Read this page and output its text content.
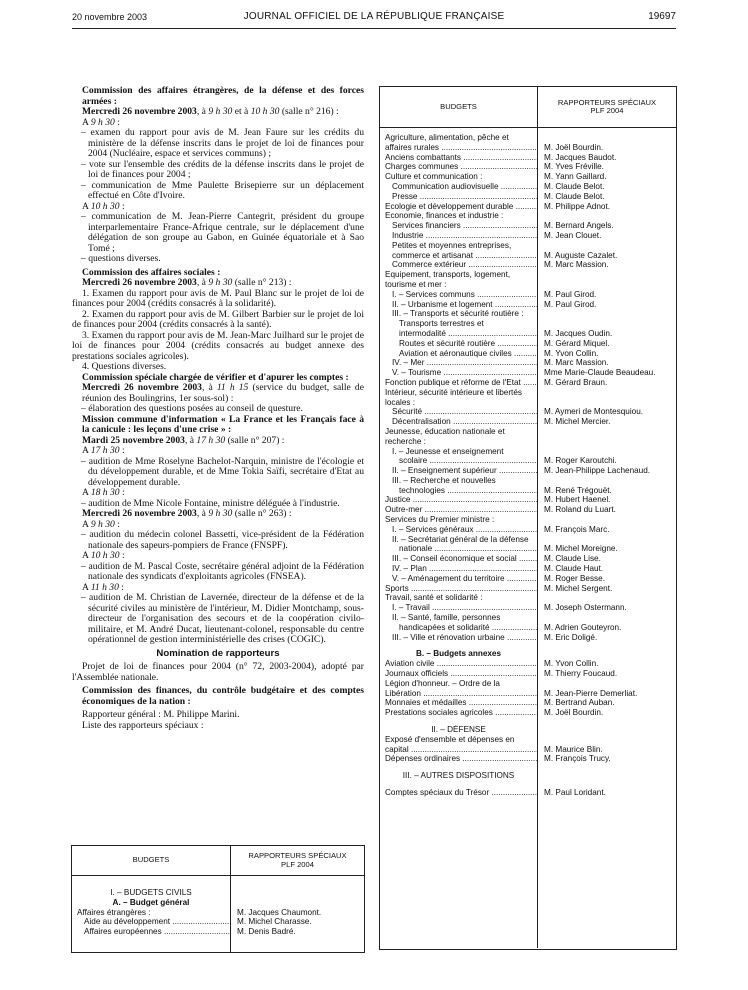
20 novembre 2003	JOURNAL OFFICIEL DE LA RÉPUBLIQUE FRANÇAISE	19697

Commission des affaires étrangères, de la défense et des forces armées :

Mercredi 26 novembre 2003, à 9 h 30 et à 10 h 30 (salle n° 216) :

A 9 h 30 :

– examen du rapport pour avis de M. Jean Faure sur les crédits du ministère de la défense inscrits dans le projet de loi de finances pour 2004 (Nucléaire, espace et services communs) ;

– vote sur l'ensemble des crédits de la défense inscrits dans le projet de loi de finances pour 2004 ;

– communication de Mme Paulette Brisepierre sur un déplacement effectué en Côte d'Ivoire.

A 10 h 30 :

– communication de M. Jean-Pierre Cantegrit, président du groupe interparlementaire France-Afrique centrale, sur le déplacement d'une délégation de son groupe au Gabon, en Guinée équatoriale et à Sao Tomé ;

– questions diverses.

Commission des affaires sociales :

Mercredi 26 novembre 2003, à 9 h 30 (salle n° 213) :

1. Examen du rapport pour avis de M. Paul Blanc sur le projet de loi de finances pour 2004 (crédits consacrés à la solidarité).

2. Examen du rapport pour avis de M. Gilbert Barbier sur le projet de loi de finances pour 2004 (crédits consacrés à la santé).

3. Examen du rapport pour avis de M. Jean-Marc Juilhard sur le projet de loi de finances pour 2004 (crédits consacrés au budget annexe des prestations sociales agricoles).

4. Questions diverses.

Commission spéciale chargée de vérifier et d'apurer les comptes :

Mercredi 26 novembre 2003, à 11 h 15 (service du budget, salle de réunion des Boulingrins, 1er sous-sol) :

– élaboration des questions posées au conseil de questure.

Mission commune d'information « La France et les Français face à la canicule : les leçons d'une crise » :

Mardi 25 novembre 2003, à 17 h 30 (salle n° 207) :

A 17 h 30 :

– audition de Mme Roselyne Bachelot-Narquin, ministre de l'écologie et du développement durable, et de Mme Tokia Saïfi, secrétaire d'Etat au développement durable.

A 18 h 30 :

– audition de Mme Nicole Fontaine, ministre déléguée à l'industrie.

Mercredi 26 novembre 2003, à 9 h 30 (salle n° 263) :

A 9 h 30 :

– audition du médecin colonel Bassetti, vice-président de la Fédération nationale des sapeurs-pompiers de France (FNSPF).

A 10 h 30 :

– audition de M. Pascal Coste, secrétaire général adjoint de la Fédération nationale des syndicats d'exploitants agricoles (FNSEA).

A 11 h 30 :

– audition de M. Christian de Lavernée, directeur de la défense et de la sécurité civiles au ministère de l'intérieur, M. Didier Montchamp, sous-directeur de l'organisation des secours et de la coopération civilo-militaire, et M. André Ducat, lieutenant-colonel, responsable du centre opérationnel de gestion interministérielle des crises (COGIC).

Nomination de rapporteurs

Projet de loi de finances pour 2004 (n° 72, 2003-2004), adopté par l'Assemblée nationale.

Commission des finances, du contrôle budgétaire et des comptes économiques de la nation :

Rapporteur général : M. Philippe Marini.

Liste des rapporteurs spéciaux :

BUDGETS	RAPPORTEURS SPÉCIAUX
PLF 2004
I. – BUDGETS CIVILS
A. – Budget général
Affaires étrangères :	M. Jacques Chaumont.
Aide au développement .....	M. Michel Charasse.
Affaires européennes .....	M. Denis Badré.
BUDGETS	RAPPORTEURS SPÉCIAUX
PLF 2004
Agriculture, alimentation, pêche et
affaires rurales .....	M. Joël Bourdin.
Anciens combattants .....	M. Jacques Baudot.
Charges communes .....	M. Yves Fréville.
Culture et communication :	M. Yann Gaillard.
Communication audiovisuelle .....	M. Claude Belot.
Presse .....	M. Claude Belot.
Ecologie et développement durable .....	M. Philippe Adnot.
Economie, finances et industrie :
Services financiers .....	M. Bernard Angels.
Industrie .....	M. Jean Clouet.
Petites et moyennes entreprises,
commerce et artisanat .....	M. Auguste Cazalet.
Commerce extérieur .....	M. Marc Massion.
Equipement, transports, logement,
tourisme et mer :
I. – Services communs .....	M. Paul Girod.
II. – Urbanisme et logement .....	M. Paul Girod.
III. – Transports et sécurité routière :
Transports terrestres et
intermodalité .....	M. Jacques Oudin.
Routes et sécurité routière .....	M. Gérard Miquel.
Aviation et aéronautique civiles .....	M. Yvon Collin.
IV. – Mer .....	M. Marc Massion.
V. – Tourisme .....	Mme Marie-Claude Beaudeau.
Fonction publique et réforme de l'Etat .....	M. Gérard Braun.
Intérieur, sécurité intérieure et libertés
locales :
Sécurité .....	M. Aymeri de Montesquiou.
Décentralisation .....	M. Michel Mercier.
Jeunesse, éducation nationale et
recherche :
I. – Jeunesse et enseignement
scolaire .....	M. Roger Karoutchi.
II. – Enseignement supérieur .....	M. Jean-Philippe Lachenaud.
III. – Recherche et nouvelles
technologies .....	M. René Trégouët.
Justice .....	M. Hubert Haenel.
Outre-mer .....	M. Roland du Luart.
Services du Premier ministre :
I. – Services généraux .....	M. François Marc.
II. – Secrétariat général de la défense
nationale .....	M. Michel Moreigne.
III. – Conseil économique et social .....	M. Claude Lise.
IV. – Plan .....	M. Claude Haut.
V. – Aménagement du territoire .....	M. Roger Besse.
Sports .....	M. Michel Sergent.
Travail, santé et solidarité :
I. – Travail .....	M. Joseph Ostermann.
II. – Santé, famille, personnes
handicapées et solidarité .....	M. Adrien Gouteyron.
III. – Ville et rénovation urbaine .....	M. Eric Doligé.
B. – Budgets annexes
Aviation civile .....	M. Yvon Collin.
Journaux officiels .....	M. Thierry Foucaud.
Légion d'honneur. – Ordre de la
Libération .....	M. Jean-Pierre Demerliat.
Monnaies et médailles .....	M. Bertrand Auban.
Prestations sociales agricoles .....	M. Joël Bourdin.
II. – DÉFENSE
Exposé d'ensemble et dépenses en
capital .....	M. Maurice Blin.
Dépenses ordinaires .....	M. François Trucy.
III. – AUTRES DISPOSITIONS
Comptes spéciaux du Trésor .....	M. Paul Loridant.
